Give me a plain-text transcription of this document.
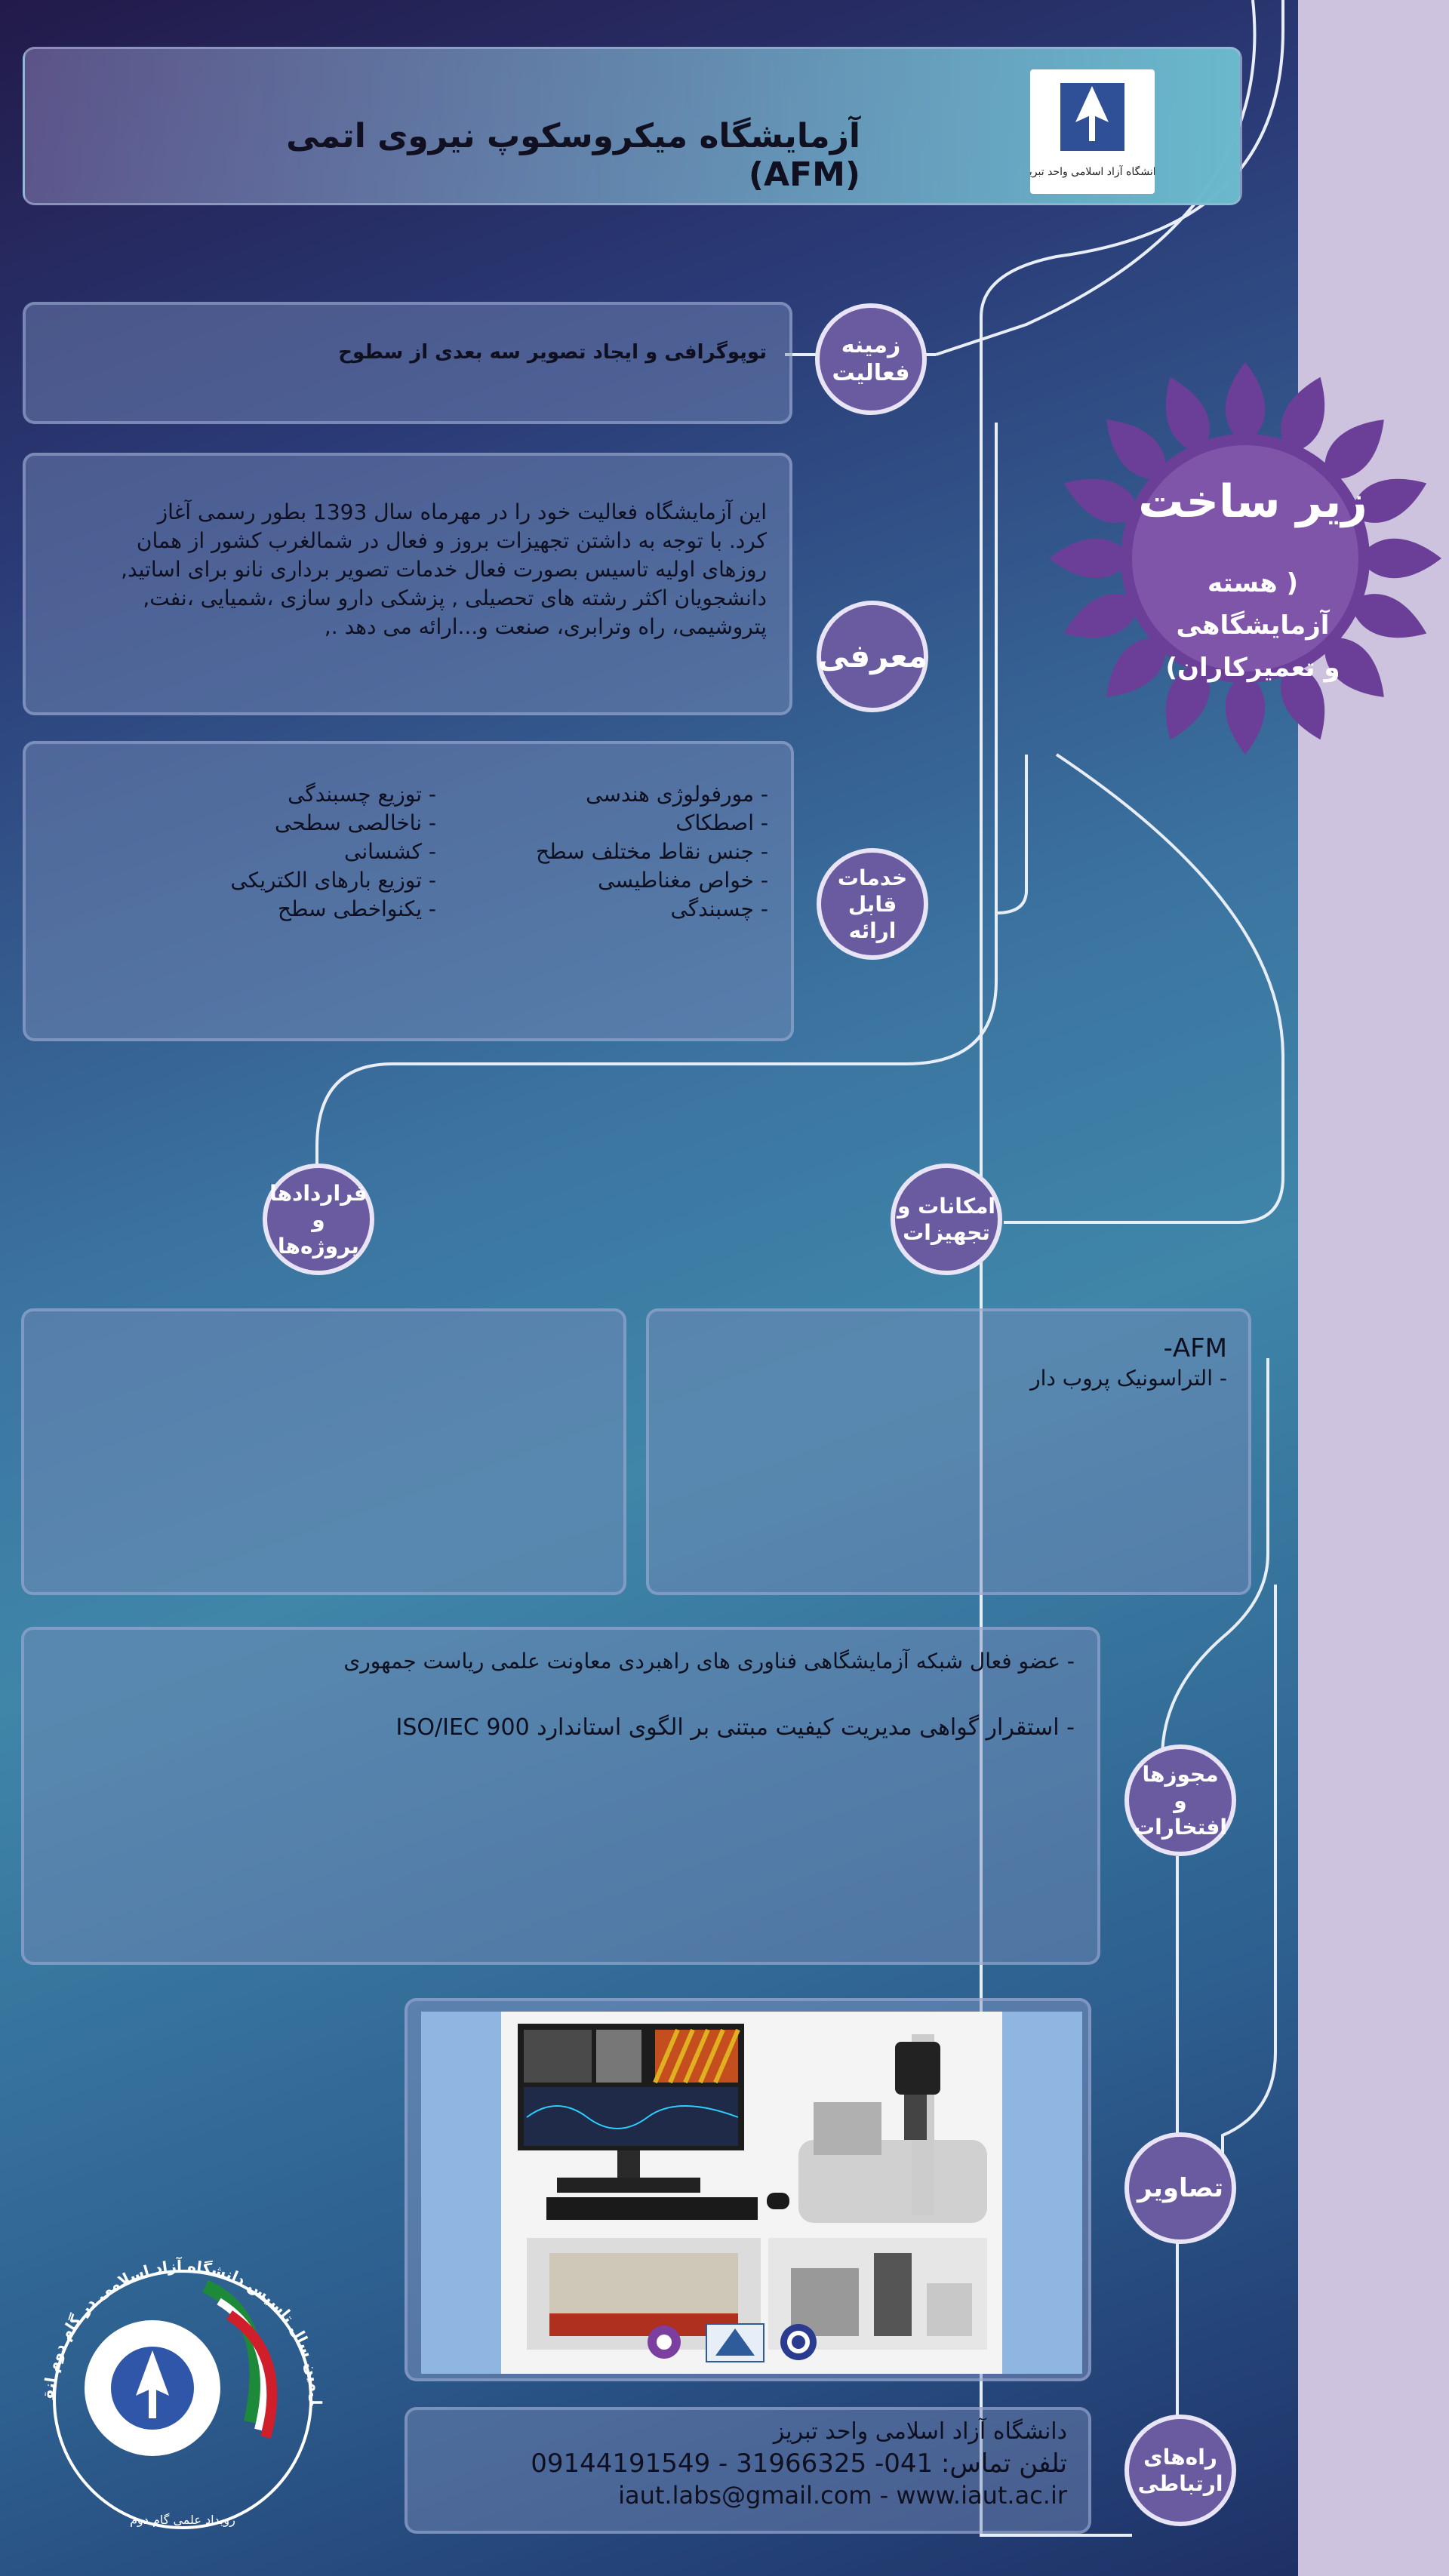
آزمایشگاه میکروسکوپ نیروی اتمی (AFM)	دانشگاه آزاد اسلامی واحد تبریز
زیر ساخت
( هسته آزمایشگاهی
و تعمیرکاران)
توپوگرافی و ایجاد تصویر سه بعدی از سطوح	زمینه
فعالیت
این آزمایشگاه فعالیت خود را در مهرماه سال 1393 بطور رسمی آغاز
کرد. با توجه به داشتن تجهیزات بروز و فعال در شمالغرب کشور از همان
روزهای اولیه تاسیس بصورت فعال خدمات تصویر برداری نانو برای اساتید,
دانشجویان اکثر رشته های تحصیلی , پزشکی دارو سازی ،شمیایی ،نفت,
پتروشیمی، راه وترابری، صنعت و...ارائه می دهد .,
معرفی
- مورفولوژی هندسی
- اصطکاک
- جنس نقاط مختلف سطح
- خواص مغناطیسی
- چسبندگی
- توزیع چسبندگی
- ناخالصی سطحی
- کشسانی
- توزیع بارهای الکتریکی
- یکنواخطی سطح
خدمات
قابل ارائه
امکانات و
تجهیزات
قراردادها و
پروژه‌ها
AFM-
- التراسونیک پروب دار
- عضو فعال شبکه آزمایشگاهی فناوری های راهبردی معاونت علمی ریاست جمهوری
- استقرار گواهی مدیریت کیفیت مبتنی بر الگوی استاندارد ISO/IEC 900
مجوزها
و افتخارات
تصاویر
دانشگاه آزاد اسلامی واحد تبریز
تلفن تماس: 041- 31966325 - 09144191549
iaut.labs@gmail.com - www.iaut.ac.ir
راه‌های
ارتباطی
رویداد علمی گام دوم
ل‌مین سال تاسیس دانشگاه آزاد اسلامی در گام دوم انق
